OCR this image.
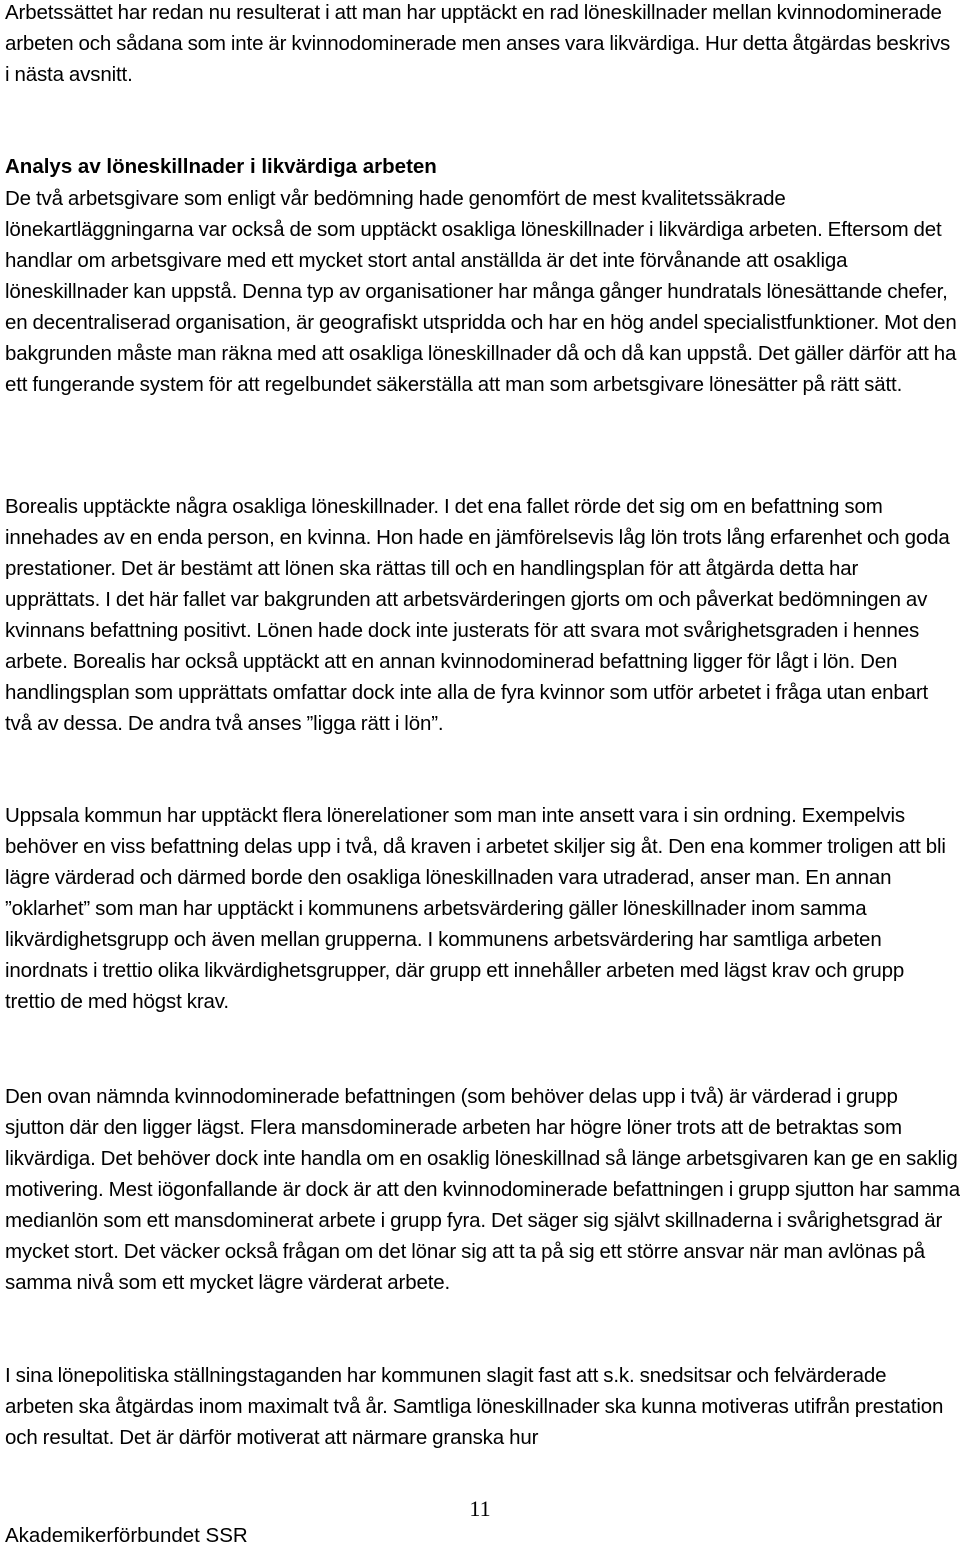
Arbetssättet har redan nu resulterat i att man har upptäckt en rad löneskillnader mellan kvinnodominerade arbeten och sådana som inte är kvinnodominerade men anses vara likvärdiga. Hur detta åtgärdas beskrivs i nästa avsnitt.

Analys av löneskillnader i likvärdiga arbeten

De två arbetsgivare som enligt vår bedömning hade genomfört de mest kvalitetssäkrade lönekartläggningarna var också de som upptäckt osakliga löneskillnader i likvärdiga arbeten. Eftersom det handlar om arbetsgivare med ett mycket stort antal anställda är det inte förvånande att osakliga löneskillnader kan uppstå. Denna typ av organisationer har många gånger hundratals lönesättande chefer, en decentraliserad organisation, är geografiskt utspridda och har en hög andel specialistfunktioner. Mot den bakgrunden måste man räkna med att osakliga löneskillnader då och då kan uppstå. Det gäller därför att ha ett fungerande system för att regelbundet säkerställa att man som arbetsgivare lönesätter på rätt sätt.

Borealis upptäckte några osakliga löneskillnader. I det ena fallet rörde det sig om en befattning som innehades av en enda person, en kvinna. Hon hade en jämförelsevis låg lön trots lång erfarenhet och goda prestationer. Det är bestämt att lönen ska rättas till och en handlingsplan för att åtgärda detta har upprättats. I det här fallet var bakgrunden att arbetsvärderingen gjorts om och påverkat bedömningen av kvinnans befattning positivt. Lönen hade dock inte justerats för att svara mot svårighetsgraden i hennes arbete. Borealis har också upptäckt att en annan kvinnodominerad befattning ligger för lågt i lön. Den handlingsplan som upprättats omfattar dock inte alla de fyra kvinnor som utför arbetet i fråga utan enbart två av dessa. De andra två anses ”ligga rätt i lön”.

Uppsala kommun har upptäckt flera lönerelationer som man inte ansett vara i sin ordning. Exempelvis behöver en viss befattning delas upp i två, då kraven i arbetet skiljer sig åt. Den ena kommer troligen att bli lägre värderad och därmed borde den osakliga löneskillnaden vara utraderad, anser man. En annan ”oklarhet” som man har upptäckt i kommunens arbetsvärdering gäller löneskillnader inom samma likvärdighetsgrupp och även mellan grupperna. I kommunens arbetsvärdering har samtliga arbeten inordnats i trettio olika likvärdighetsgrupper, där grupp ett innehåller arbeten med lägst krav och grupp trettio de med högst krav.

Den ovan nämnda kvinnodominerade befattningen (som behöver delas upp i två) är värderad i grupp sjutton där den ligger lägst. Flera mansdominerade arbeten har högre löner trots att de betraktas som likvärdiga. Det behöver dock inte handla om en osaklig löneskillnad så länge arbetsgivaren kan ge en saklig motivering. Mest iögonfallande är dock är att den kvinnodominerade befattningen i grupp sjutton har samma medianlön som ett mansdominerat arbete i grupp fyra. Det säger sig självt skillnaderna i svårighetsgrad är mycket stort. Det väcker också frågan om det lönar sig att ta på sig ett större ansvar när man avlönas på samma nivå som ett mycket lägre värderat arbete.

I sina lönepolitiska ställningstaganden har kommunen slagit fast att s.k. snedsitsar och felvärderade arbeten ska åtgärdas inom maximalt två år. Samtliga löneskillnader ska kunna motiveras utifrån prestation och resultat. Det är därför motiverat att närmare granska hur

11
Akademikerförbundet SSR
